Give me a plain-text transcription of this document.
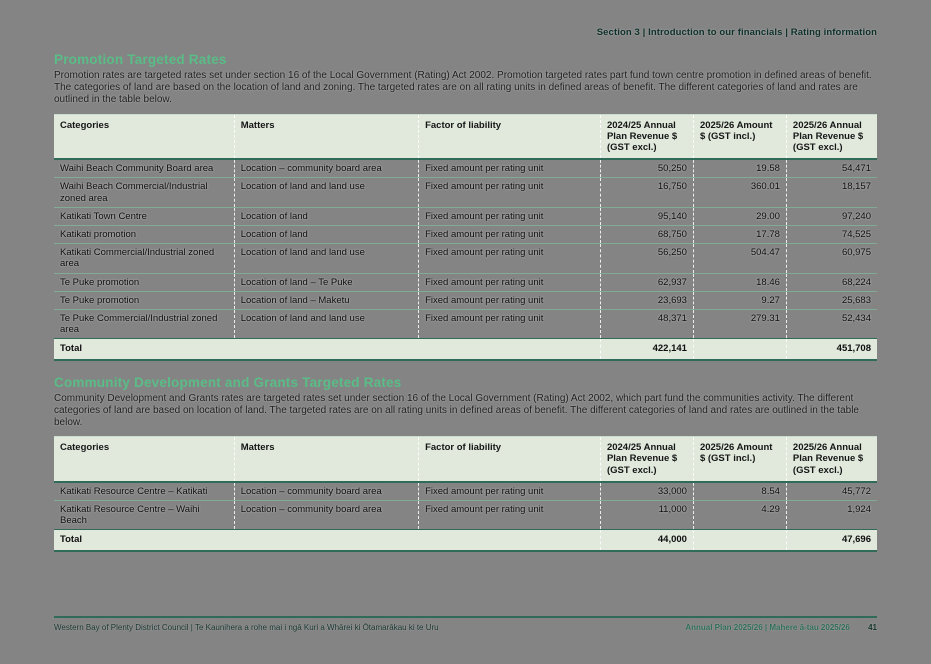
Section 3 | Introduction to our financials | Rating information
Promotion Targeted Rates

Promotion rates are targeted rates set under section 16 of the Local Government (Rating) Act 2002. Promotion targeted rates part fund town centre promotion in defined areas of benefit. The categories of land are based on the location of land and zoning. The targeted rates are on all rating units in defined areas of benefit. The different categories of land and rates are outlined in the table below.

Categories	Matters	Factor of liability	2024/25 Annual Plan Revenue $ (GST excl.)	2025/26 Amount $ (GST incl.)	2025/26 Annual Plan Revenue $ (GST excl.)
Waihi Beach Community Board area	Location – community board area	Fixed amount per rating unit	50,250	19.58	54,471
Waihi Beach Commercial/Industrial zoned area	Location of land and land use	Fixed amount per rating unit	16,750	360.01	18,157
Katikati Town Centre	Location of land	Fixed amount per rating unit	95,140	29.00	97,240
Katikati promotion	Location of land	Fixed amount per rating unit	68,750	17.78	74,525
Katikati Commercial/Industrial zoned area	Location of land and land use	Fixed amount per rating unit	56,250	504.47	60,975
Te Puke promotion	Location of land – Te Puke	Fixed amount per rating unit	62,937	18.46	68,224
Te Puke promotion	Location of land – Maketu	Fixed amount per rating unit	23,693	9.27	25,683
Te Puke Commercial/Industrial zoned area	Location of land and land use	Fixed amount per rating unit	48,371	279.31	52,434
Total			422,141		451,708
Community Development and Grants Targeted Rates

Community Development and Grants rates are targeted rates set under section 16 of the Local Government (Rating) Act 2002, which part fund the communities activity. The different categories of land are based on location of land. The targeted rates are on all rating units in defined areas of benefit. The different categories of land and rates are outlined in the table below.

Categories	Matters	Factor of liability	2024/25 Annual Plan Revenue $ (GST excl.)	2025/26 Amount $ (GST incl.)	2025/26 Annual Plan Revenue $ (GST excl.)
Katikati Resource Centre – Katikati	Location – community board area	Fixed amount per rating unit	33,000	8.54	45,772
Katikati Resource Centre – Waihi Beach	Location – community board area	Fixed amount per rating unit	11,000	4.29	1,924
Total			44,000		47,696
Western Bay of Plenty District Council | Te Kaunihera a rohe mai i ngā Kuri a Whārei ki Ōtamarākau ki te Uru	Annual Plan 2025/26 | Mahere ā-tau 2025/26 41
